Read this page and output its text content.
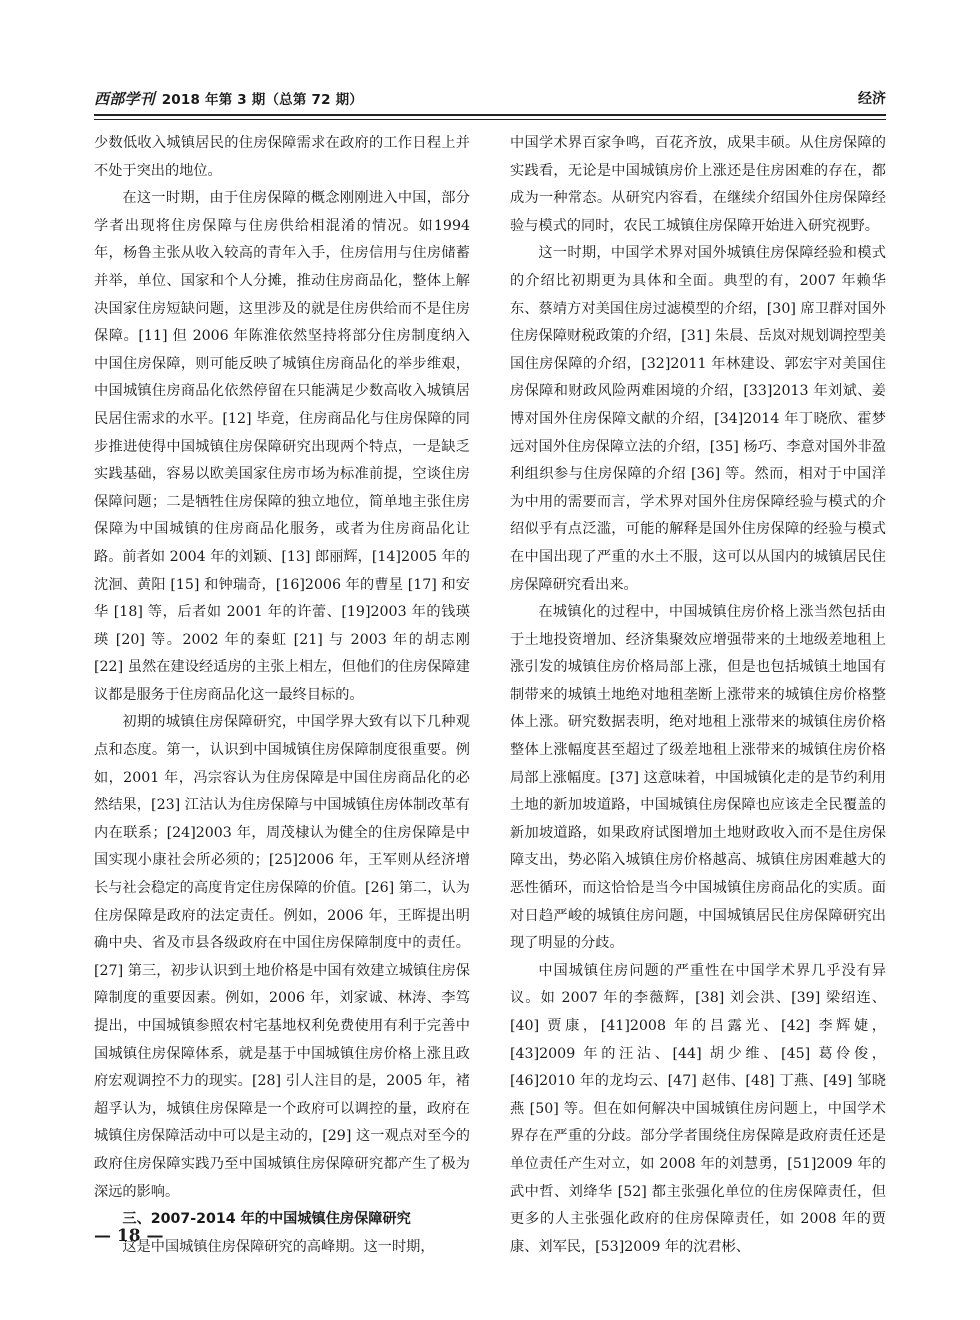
西部学刊 2018 年第 3 期（总第 72 期）	经济

少数低收入城镇居民的住房保障需求在政府的工作日程上并不处于突出的地位。

在这一时期，由于住房保障的概念刚刚进入中国，部分学者出现将住房保障与住房供给相混淆的情况。如1994 年，杨鲁主张从收入较高的青年入手，住房信用与住房储蓄并举，单位、国家和个人分摊，推动住房商品化，整体上解决国家住房短缺问题，这里涉及的就是住房供给而不是住房保障。[11] 但 2006 年陈淮依然坚持将部分住房制度纳入中国住房保障，则可能反映了城镇住房商品化的举步维艰，中国城镇住房商品化依然停留在只能满足少数高收入城镇居民居住需求的水平。[12] 毕竟，住房商品化与住房保障的同步推进使得中国城镇住房保障研究出现两个特点，一是缺乏实践基础，容易以欧美国家住房市场为标准前提，空谈住房保障问题；二是牺牲住房保障的独立地位，简单地主张住房保障为中国城镇的住房商品化服务，或者为住房商品化让路。前者如 2004 年的刘颖、[13] 郎丽辉，[14]2005 年的沈洄、黄阳 [15] 和钟瑞奇，[16]2006 年的曹星 [17] 和安华 [18] 等，后者如 2001 年的许蕾、[19]2003 年的钱瑛瑛 [20] 等。2002 年的秦虹 [21] 与 2003 年的胡志刚 [22] 虽然在建设经适房的主张上相左，但他们的住房保障建议都是服务于住房商品化这一最终目标的。

初期的城镇住房保障研究，中国学界大致有以下几种观点和态度。第一，认识到中国城镇住房保障制度很重要。例如，2001 年，冯宗容认为住房保障是中国住房商品化的必然结果，[23] 江沽认为住房保障与中国城镇住房体制改革有内在联系；[24]2003 年，周茂棣认为健全的住房保障是中国实现小康社会所必须的；[25]2006 年，王军则从经济增长与社会稳定的高度肯定住房保障的价值。[26] 第二，认为住房保障是政府的法定责任。例如，2006 年，王晖提出明确中央、省及市县各级政府在中国住房保障制度中的责任。[27] 第三，初步认识到土地价格是中国有效建立城镇住房保障制度的重要因素。例如，2006 年，刘家诚、林涛、李笃提出，中国城镇参照农村宅基地权利免费使用有利于完善中国城镇住房保障体系，就是基于中国城镇住房价格上涨且政府宏观调控不力的现实。[28] 引人注目的是，2005 年，褚超孚认为，城镇住房保障是一个政府可以调控的量，政府在城镇住房保障活动中可以是主动的，[29] 这一观点对至今的政府住房保障实践乃至中国城镇住房保障研究都产生了极为深远的影响。

三、2007-2014 年的中国城镇住房保障研究

这是中国城镇住房保障研究的高峰期。这一时期，

中国学术界百家争鸣，百花齐放，成果丰硕。从住房保障的实践看，无论是中国城镇房价上涨还是住房困难的存在，都成为一种常态。从研究内容看，在继续介绍国外住房保障经验与模式的同时，农民工城镇住房保障开始进入研究视野。

这一时期，中国学术界对国外城镇住房保障经验和模式的介绍比初期更为具体和全面。典型的有，2007 年赖华东、蔡靖方对美国住房过滤模型的介绍，[30] 席卫群对国外住房保障财税政策的介绍，[31] 朱晨、岳岚对规划调控型美国住房保障的介绍，[32]2011 年林建设、郭宏宇对美国住房保障和财政风险两难困境的介绍，[33]2013 年刘斌、姜博对国外住房保障文献的介绍，[34]2014 年丁晓欣、霍梦远对国外住房保障立法的介绍，[35] 杨巧、李意对国外非盈利组织参与住房保障的介绍 [36] 等。然而，相对于中国洋为中用的需要而言，学术界对国外住房保障经验与模式的介绍似乎有点泛滥，可能的解释是国外住房保障的经验与模式在中国出现了严重的水土不服，这可以从国内的城镇居民住房保障研究看出来。

在城镇化的过程中，中国城镇住房价格上涨当然包括由于土地投资增加、经济集聚效应增强带来的土地级差地租上涨引发的城镇住房价格局部上涨，但是也包括城镇土地国有制带来的城镇土地绝对地租垄断上涨带来的城镇住房价格整体上涨。研究数据表明，绝对地租上涨带来的城镇住房价格整体上涨幅度甚至超过了级差地租上涨带来的城镇住房价格局部上涨幅度。[37] 这意味着，中国城镇化走的是节约利用土地的新加坡道路，中国城镇住房保障也应该走全民覆盖的新加坡道路，如果政府试图增加土地财政收入而不是住房保障支出，势必陷入城镇住房价格越高、城镇住房困难越大的恶性循环，而这恰恰是当今中国城镇住房商品化的实质。面对日趋严峻的城镇住房问题，中国城镇居民住房保障研究出现了明显的分歧。

中国城镇住房问题的严重性在中国学术界几乎没有异议。如 2007 年的李薇辉，[38] 刘会洪、[39] 梁绍连、[40] 贾康，[41]2008 年的吕露光、[42] 李辉婕，[43]2009 年的汪沾、[44] 胡少维、[45] 葛伶俊，[46]2010 年的龙均云、[47] 赵伟、[48] 丁燕、[49] 邹晓燕 [50] 等。但在如何解决中国城镇住房问题上，中国学术界存在严重的分歧。部分学者围绕住房保障是政府责任还是单位责任产生对立，如 2008 年的刘慧勇，[51]2009 年的武中哲、刘绛华 [52] 都主张强化单位的住房保障责任，但更多的人主张强化政府的住房保障责任，如 2008 年的贾康、刘军民，[53]2009 年的沈君彬、

— 18 —
